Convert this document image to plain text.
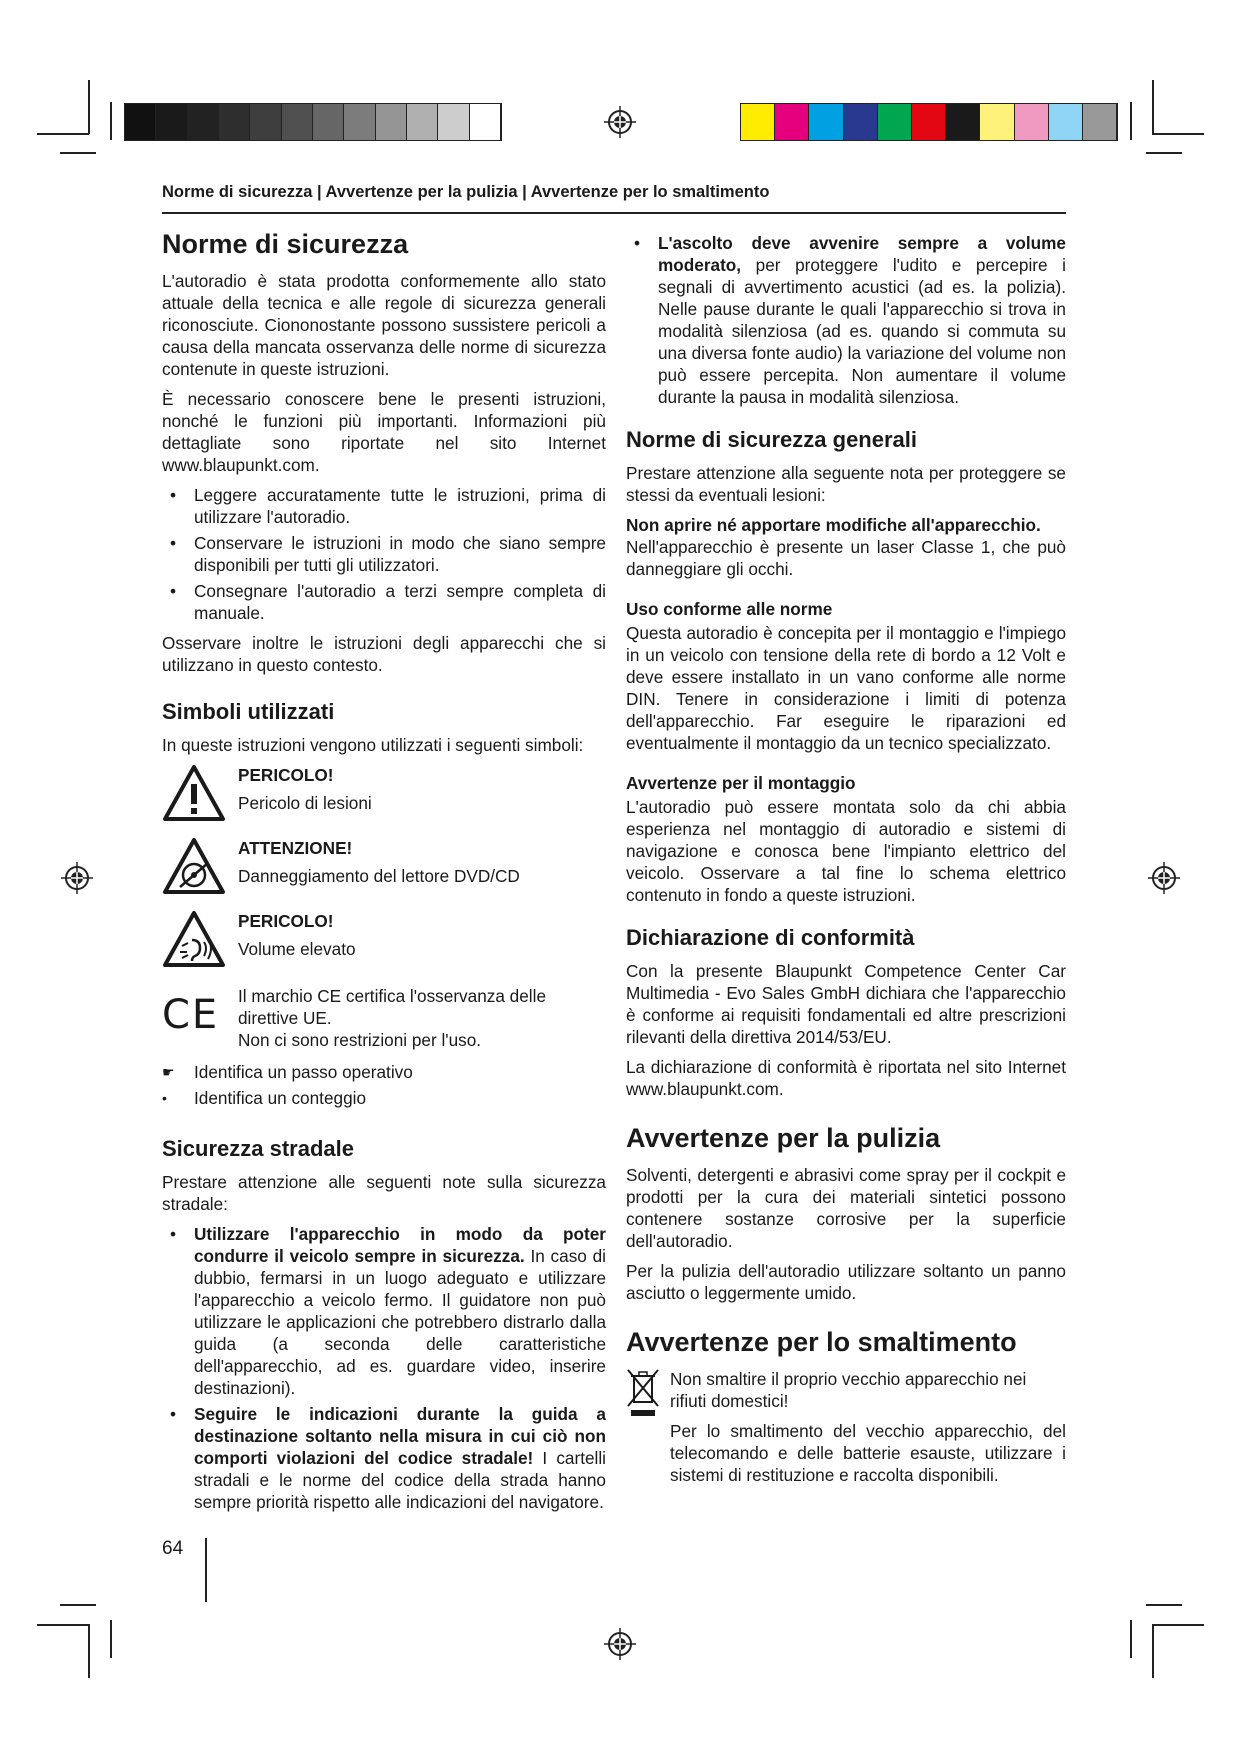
Norme di sicurezza | Avvertenze per la pulizia | Avvertenze per lo smaltimento
Norme di sicurezza

L'autoradio è stata prodotta conformemente allo stato attuale della tecnica e alle regole di sicurezza generali riconosciute. Ciononostante possono sussistere pericoli a causa della mancata osservanza delle norme di sicurezza contenute in queste istruzioni.

È necessario conoscere bene le presenti istruzioni, nonché le funzioni più importanti. Informazioni più dettagliate sono riportate nel sito Internet www.blaupunkt.com.

• Leggere accuratamente tutte le istruzioni, prima di utilizzare l'autoradio.
• Conservare le istruzioni in modo che siano sempre disponibili per tutti gli utilizzatori.
• Consegnare l'autoradio a terzi sempre completa di manuale.

Osservare inoltre le istruzioni degli apparecchi che si utilizzano in questo contesto.

Simboli utilizzati

In queste istruzioni vengono utilizzati i seguenti simboli:

PERICOLO!
Pericolo di lesioni
ATTENZIONE!
Danneggiamento del lettore DVD/CD
PERICOLO!
Volume elevato
CE	Il marchio CE certifica l'osservanza delle direttive UE.
Non ci sono restrizioni per l'uso.
☛	Identifica un passo operativo
•	Identifica un conteggio
Sicurezza stradale

Prestare attenzione alle seguenti note sulla sicurezza stradale:

• Utilizzare l'apparecchio in modo da poter condurre il veicolo sempre in sicurezza. In caso di dubbio, fermarsi in un luogo adeguato e utilizzare l'apparecchio a veicolo fermo. Il guidatore non può utilizzare le applicazioni che potrebbero distrarlo dalla guida (a seconda delle caratteristiche dell'apparecchio, ad es. guardare video, inserire destinazioni).
• Seguire le indicazioni durante la guida a destinazione soltanto nella misura in cui ciò non comporti violazioni del codice stradale! I cartelli stradali e le norme del codice della strada hanno sempre priorità rispetto alle indicazioni del navigatore.
• L'ascolto deve avvenire sempre a volume moderato, per proteggere l'udito e percepire i segnali di avvertimento acustici (ad es. la polizia). Nelle pause durante le quali l'apparecchio si trova in modalità silenziosa (ad es. quando si commuta su una diversa fonte audio) la variazione del volume non può essere percepita. Non aumentare il volume durante la pausa in modalità silenziosa.
Norme di sicurezza generali

Prestare attenzione alla seguente nota per proteggere se stessi da eventuali lesioni:

Non aprire né apportare modifiche all'apparecchio.

Nell'apparecchio è presente un laser Classe 1, che può danneggiare gli occhi.

Uso conforme alle norme

Questa autoradio è concepita per il montaggio e l'impiego in un veicolo con tensione della rete di bordo a 12 Volt e deve essere installato in un vano conforme alle norme DIN. Tenere in considerazione i limiti di potenza dell'apparecchio. Far eseguire le riparazioni ed eventualmente il montaggio da un tecnico specializzato.

Avvertenze per il montaggio

L'autoradio può essere montata solo da chi abbia esperienza nel montaggio di autoradio e sistemi di navigazione e conosca bene l'impianto elettrico del veicolo. Osservare a tal fine lo schema elettrico contenuto in fondo a queste istruzioni.

Dichiarazione di conformità

Con la presente Blaupunkt Competence Center Car Multimedia - Evo Sales GmbH dichiara che l'apparecchio è conforme ai requisiti fondamentali ed altre prescrizioni rilevanti della direttiva 2014/53/EU.

La dichiarazione di conformità è riportata nel sito Internet www.blaupunkt.com.

Avvertenze per la pulizia

Solventi, detergenti e abrasivi come spray per il cockpit e prodotti per la cura dei materiali sintetici possono contenere sostanze corrosive per la superficie dell'autoradio.

Per la pulizia dell'autoradio utilizzare soltanto un panno asciutto o leggermente umido.

Avvertenze per lo smaltimento

Non smaltire il proprio vecchio apparecchio nei rifiuti domestici!

Per lo smaltimento del vecchio apparecchio, del telecomando e delle batterie esauste, utilizzare i sistemi di restituzione e raccolta disponibili.

64
